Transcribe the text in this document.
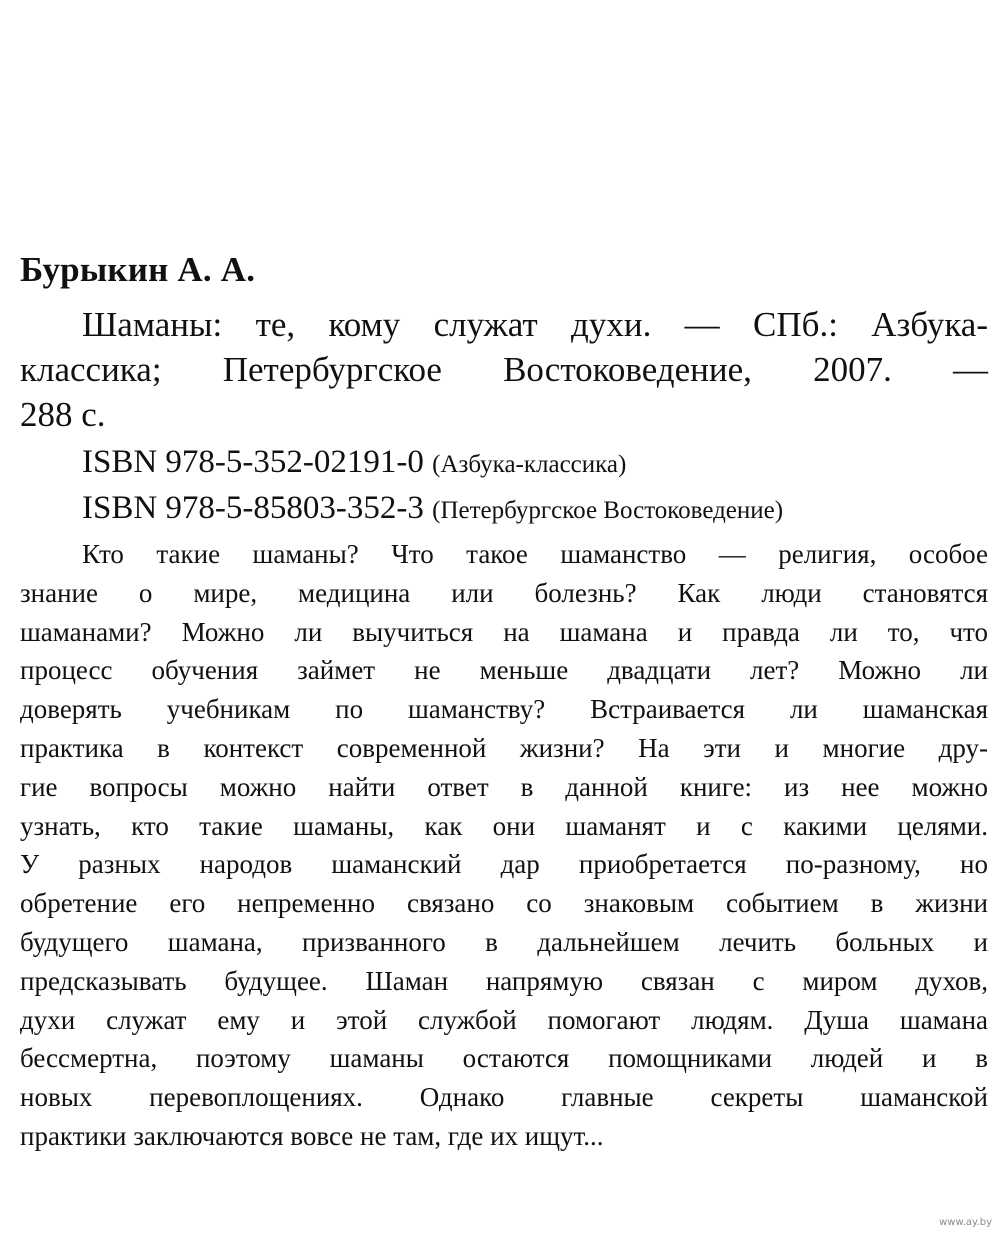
Бурыкин А. А.

Шаманы: те, кому служат духи. — СПб.: Азбука-

классика; Петербургское Востоковедение, 2007. —

288 с.

ISBN 978-5-352-02191-0 (Азбука-классика)

ISBN 978-5-85803-352-3 (Петербургское Востоковедение)

Кто такие шаманы? Что такое шаманство — религия, особое
знание о мире, медицина или болезнь? Как люди становятся
шаманами? Можно ли выучиться на шамана и правда ли то, что
процесс обучения займет не меньше двадцати лет? Можно ли
доверять учебникам по шаманству? Встраивается ли шаманская
практика в контекст современной жизни? На эти и многие дру-
гие вопросы можно найти ответ в данной книге: из нее можно
узнать, кто такие шаманы, как они шаманят и с какими целями.
У разных народов шаманский дар приобретается по-разному, но
обретение его непременно связано со знаковым событием в жизни
будущего шамана, призванного в дальнейшем лечить больных и
предсказывать будущее. Шаман напрямую связан с миром духов,
духи служат ему и этой службой помогают людям. Душа шамана
бессмертна, поэтому шаманы остаются помощниками людей и в
новых перевоплощениях. Однако главные секреты шаманской
практики заключаются вовсе не там, где их ищут...
www.ay.by
